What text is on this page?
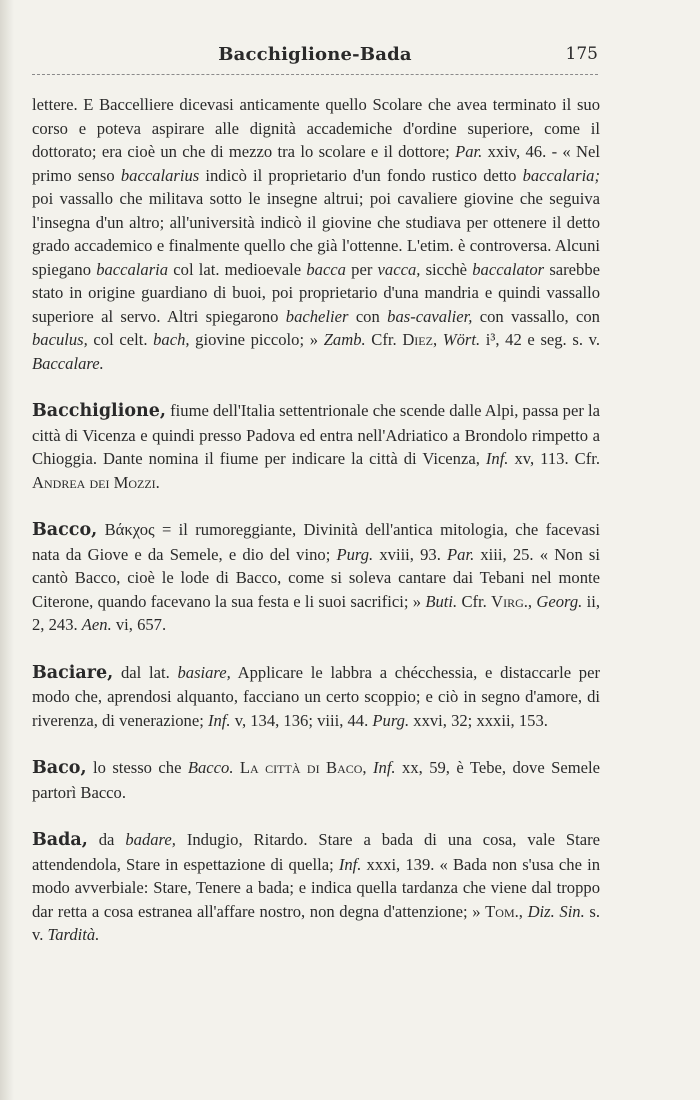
Bacchiglione-Bada	175

lettere. E Baccelliere dicevasi anticamente quello Scolare che avea terminato il suo corso e poteva aspirare alle dignità accademiche d'ordine superiore, come il dottorato; era cioè un che di mezzo tra lo scolare e il dottore; Par. xxiv, 46. - « Nel primo senso baccalarius indicò il proprietario d'un fondo rustico detto baccalaria; poi vassallo che militava sotto le insegne altrui; poi cavaliere giovine che seguiva l'insegna d'un altro; all'università indicò il giovine che studiava per ottenere il detto grado accademico e finalmente quello che già l'ottenne. L'etim. è controversa. Alcuni spiegano baccalaria col lat. medioevale bacca per vacca, sicchè baccalator sarebbe stato in origine guardiano di buoi, poi proprietario d'una mandria e quindi vassallo superiore al servo. Altri spiegarono bachelier con bas-cavalier, con vassallo, con baculus, col celt. bach, giovine piccolo; » Zamb. Cfr. Diez, Wört. i³, 42 e seg. s. v. Baccalare.

Bacchiglione, fiume dell'Italia settentrionale che scende dalle Alpi, passa per la città di Vicenza e quindi presso Padova ed entra nell'Adriatico a Brondolo rimpetto a Chioggia. Dante nomina il fiume per indicare la città di Vicenza, Inf. xv, 113. Cfr. Andrea dei Mozzi.

Bacco, Βάκχος = il rumoreggiante, Divinità dell'antica mitologia, che facevasi nata da Giove e da Semele, e dio del vino; Purg. xviii, 93. Par. xiii, 25. « Non si cantò Bacco, cioè le lode di Bacco, come si soleva cantare dai Tebani nel monte Citerone, quando facevano la sua festa e li suoi sacrifici; » Buti. Cfr. Virg., Georg. ii, 2, 243. Aen. vi, 657.

Baciare, dal lat. basiare, Applicare le labbra a chécchessia, e distaccarle per modo che, aprendosi alquanto, facciano un certo scoppio; e ciò in segno d'amore, di riverenza, di venerazione; Inf. v, 134, 136; viii, 44. Purg. xxvi, 32; xxxii, 153.

Baco, lo stesso che Bacco. La città di Baco, Inf. xx, 59, è Tebe, dove Semele partorì Bacco.

Bada, da badare, Indugio, Ritardo. Stare a bada di una cosa, vale Stare attendendola, Stare in espettazione di quella; Inf. xxxi, 139. « Bada non s'usa che in modo avverbiale: Stare, Tenere a bada; e indica quella tardanza che viene dal troppo dar retta a cosa estranea all'affare nostro, non degna d'attenzione; » Tom., Diz. Sin. s. v. Tardità.
